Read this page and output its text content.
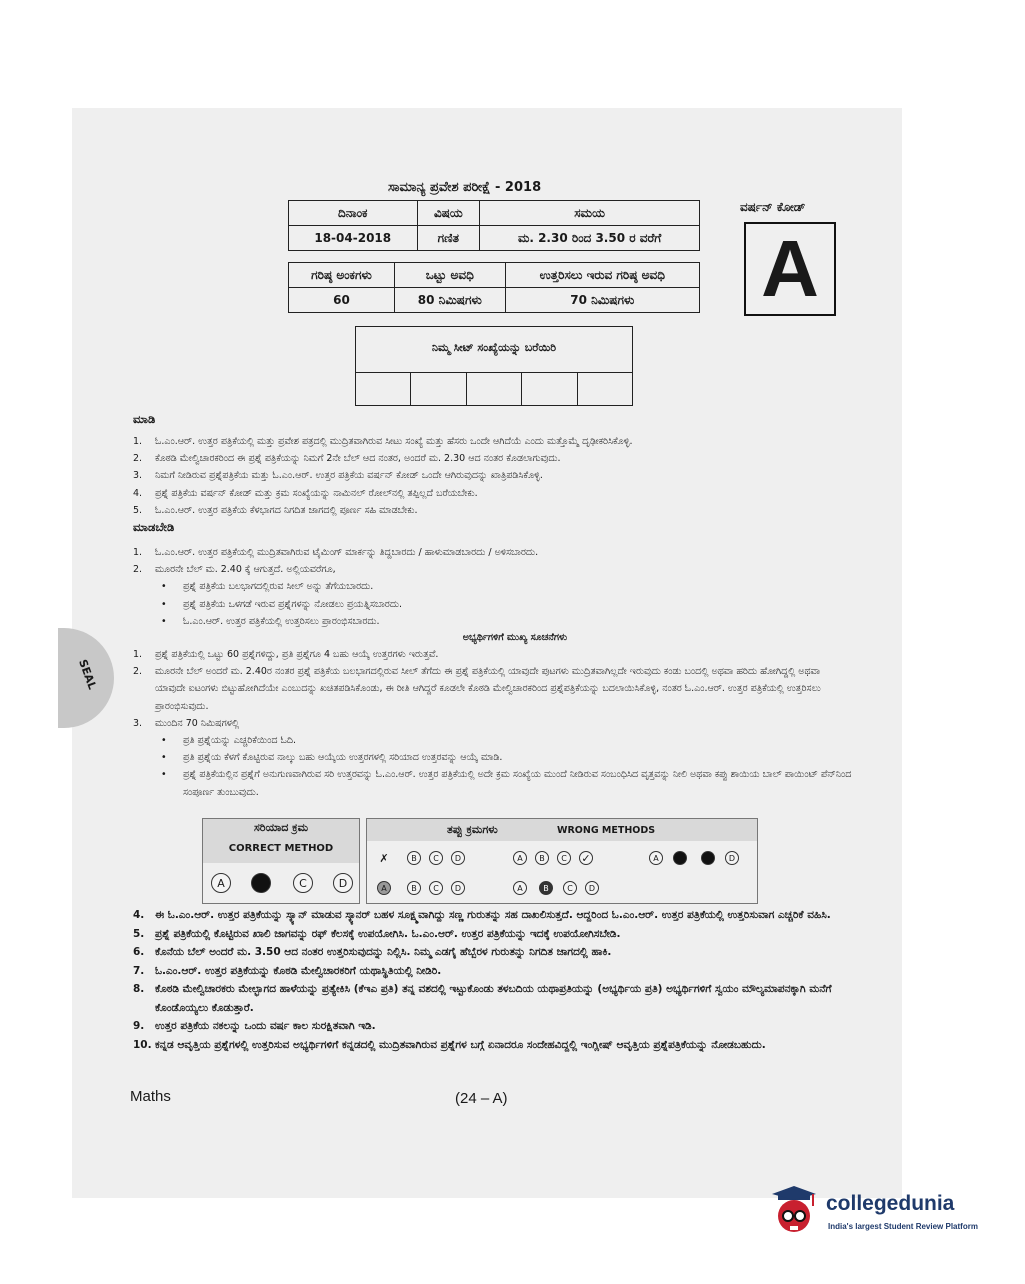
SEAL
ಸಾಮಾನ್ಯ ಪ್ರವೇಶ ಪರೀಕ್ಷೆ - 2018
ದಿನಾಂಕ	ವಿಷಯ	ಸಮಯ
18-04-2018	ಗಣಿತ	ಮ. 2.30 ರಿಂದ 3.50 ರ ವರೆಗೆ
ಗರಿಷ್ಠ ಅಂಕಗಳು	ಒಟ್ಟು ಅವಧಿ	ಉತ್ತರಿಸಲು ಇರುವ ಗರಿಷ್ಠ ಅವಧಿ
60	80 ನಿಮಿಷಗಳು	70 ನಿಮಿಷಗಳು
ವರ್ಷನ್ ಕೋಡ್
A
ನಿಮ್ಮ ಸೀಟ್ ಸಂಖ್ಯೆಯನ್ನು ಬರೆಯಿರಿ
ಮಾಡಿ
1. ಓ.ಎಂ.ಆರ್. ಉತ್ತರ ಪತ್ರಿಕೆಯಲ್ಲಿ ಮತ್ತು ಪ್ರವೇಶ ಪತ್ರದಲ್ಲಿ ಮುದ್ರಿತವಾಗಿರುವ ಸೀಟು ಸಂಖ್ಯೆ ಮತ್ತು ಹೆಸರು ಒಂದೇ ಆಗಿದೆಯೆ ಎಂದು ಮತ್ತೊಮ್ಮೆ ದೃಢೀಕರಿಸಿಕೊಳ್ಳಿ.
2. ಕೊಠಡಿ ಮೇಲ್ವಿಚಾರಕರಿಂದ ಈ ಪ್ರಶ್ನೆ ಪತ್ರಿಕೆಯನ್ನು ನಿಮಗೆ 2ನೇ ಬೆಲ್ ಆದ ನಂತರ, ಅಂದರೆ ಮ. 2.30 ಆದ ನಂತರ ಕೊಡಲಾಗುವುದು.
3. ನಿಮಗೆ ನೀಡಿರುವ ಪ್ರಶ್ನೆಪತ್ರಿಕೆಯ ಮತ್ತು ಓ.ಎಂ.ಆರ್. ಉತ್ತರ ಪತ್ರಿಕೆಯ ವರ್ಷನ್ ಕೋಡ್ ಒಂದೇ ಆಗಿರುವುದನ್ನು ಖಾತ್ರಿಪಡಿಸಿಕೊಳ್ಳಿ.
4. ಪ್ರಶ್ನೆ ಪತ್ರಿಕೆಯ ವರ್ಷನ್ ಕೋಡ್ ಮತ್ತು ಕ್ರಮ ಸಂಖ್ಯೆಯನ್ನು ನಾಮಿನಲ್ ರೋಲ್‌ನಲ್ಲಿ ತಪ್ಪಿಲ್ಲದೆ ಬರೆಯಬೇಕು.
5. ಓ.ಎಂ.ಆರ್. ಉತ್ತರ ಪತ್ರಿಕೆಯ ಕೆಳಭಾಗದ ನಿಗದಿತ ಜಾಗದಲ್ಲಿ ಪೂರ್ಣ ಸಹಿ ಮಾಡಬೇಕು.
ಮಾಡಬೇಡಿ
1. ಓ.ಎಂ.ಆರ್. ಉತ್ತರ ಪತ್ರಿಕೆಯಲ್ಲಿ ಮುದ್ರಿತವಾಗಿರುವ ಟೈಮಿಂಗ್ ಮಾರ್ಕನ್ನು ತಿದ್ದಬಾರದು / ಹಾಳುಮಾಡಬಾರದು / ಅಳಿಸಬಾರದು.
2. ಮೂರನೇ ಬೆಲ್ ಮ. 2.40 ಕ್ಕೆ ಆಗುತ್ತದೆ. ಅಲ್ಲಿಯವರೆಗೂ,
• ಪ್ರಶ್ನೆ ಪತ್ರಿಕೆಯ ಬಲಭಾಗದಲ್ಲಿರುವ ಸೀಲ್ ಅನ್ನು ತೆಗೆಯಬಾರದು.
• ಪ್ರಶ್ನೆ ಪತ್ರಿಕೆಯ ಒಳಗಡೆ ಇರುವ ಪ್ರಶ್ನೆಗಳನ್ನು ನೋಡಲು ಪ್ರಯತ್ನಿಸಬಾರದು.
• ಓ.ಎಂ.ಆರ್. ಉತ್ತರ ಪತ್ರಿಕೆಯಲ್ಲಿ ಉತ್ತರಿಸಲು ಪ್ರಾರಂಭಿಸಬಾರದು.
ಅಭ್ಯರ್ಥಿಗಳಿಗೆ ಮುಖ್ಯ ಸೂಚನೆಗಳು
1. ಪ್ರಶ್ನೆ ಪತ್ರಿಕೆಯಲ್ಲಿ ಒಟ್ಟು 60 ಪ್ರಶ್ನೆಗಳಿದ್ದು, ಪ್ರತಿ ಪ್ರಶ್ನೆಗೂ 4 ಬಹು ಆಯ್ಕೆ ಉತ್ತರಗಳು ಇರುತ್ತವೆ.
2. ಮೂರನೇ ಬೆಲ್ ಅಂದರೆ ಮ. 2.40ರ ನಂತರ ಪ್ರಶ್ನೆ ಪತ್ರಿಕೆಯ ಬಲಭಾಗದಲ್ಲಿರುವ ಸೀಲ್ ತೆಗೆದು ಈ ಪ್ರಶ್ನೆ ಪತ್ರಿಕೆಯಲ್ಲಿ ಯಾವುದೇ ಪುಟಗಳು ಮುದ್ರಿತವಾಗಿಲ್ಲದೇ ಇರುವುದು ಕಂಡು ಬಂದಲ್ಲಿ ಅಥವಾ ಹರಿದು ಹೋಗಿದ್ದಲ್ಲಿ ಅಥವಾ ಯಾವುದೇ ಐಟಂಗಳು ಬಿಟ್ಟುಹೋಗಿದೆಯೇ ಎಂಬುದನ್ನು ಖಚಿತಪಡಿಸಿಕೊಂಡು, ಈ ರೀತಿ ಆಗಿದ್ದರೆ ಕೂಡಲೇ ಕೊಠಡಿ ಮೇಲ್ವಿಚಾರಕರಿಂದ ಪ್ರಶ್ನೆಪತ್ರಿಕೆಯನ್ನು ಬದಲಾಯಿಸಿಕೊಳ್ಳಿ, ನಂತರ ಓ.ಎಂ.ಆರ್. ಉತ್ತರ ಪತ್ರಿಕೆಯಲ್ಲಿ ಉತ್ತರಿಸಲು ಪ್ರಾರಂಭಿಸುವುದು.
3. ಮುಂದಿನ 70 ನಿಮಿಷಗಳಲ್ಲಿ
• ಪ್ರತಿ ಪ್ರಶ್ನೆಯನ್ನು ಎಚ್ಚರಿಕೆಯಿಂದ ಓದಿ.
• ಪ್ರತಿ ಪ್ರಶ್ನೆಯ ಕೆಳಗೆ ಕೊಟ್ಟಿರುವ ನಾಲ್ಕು ಬಹು ಆಯ್ಕೆಯ ಉತ್ತರಗಳಲ್ಲಿ ಸರಿಯಾದ ಉತ್ತರವನ್ನು ಆಯ್ಕೆ ಮಾಡಿ.
• ಪ್ರಶ್ನೆ ಪತ್ರಿಕೆಯಲ್ಲಿನ ಪ್ರಶ್ನೆಗೆ ಅನುಗುಣವಾಗಿರುವ ಸರಿ ಉತ್ತರವನ್ನು ಓ.ಎಂ.ಆರ್. ಉತ್ತರ ಪತ್ರಿಕೆಯಲ್ಲಿ ಅದೇ ಕ್ರಮ ಸಂಖ್ಯೆಯ ಮುಂದೆ ನೀಡಿರುವ ಸಂಬಂಧಿಸಿದ ವೃತ್ತವನ್ನು ನೀಲಿ ಅಥವಾ ಕಪ್ಪು ಶಾಯಿಯ ಬಾಲ್ ಪಾಯಿಂಟ್ ಪೆನ್‌ನಿಂದ ಸಂಪೂರ್ಣ ತುಂಬುವುದು.
ಸರಿಯಾದ ಕ್ರಮ
CORRECT METHOD
A	C	D
ತಪ್ಪು ಕ್ರಮಗಳು	WRONG METHODS
✗	B	C	D	A	B	C	✓	A	D
A	B	C	D	A	B	C	D
4. ಈ ಓ.ಎಂ.ಆರ್. ಉತ್ತರ ಪತ್ರಿಕೆಯನ್ನು ಸ್ಕ್ಯಾನ್ ಮಾಡುವ ಸ್ಕ್ಯಾನರ್ ಬಹಳ ಸೂಕ್ಷ್ಮವಾಗಿದ್ದು ಸಣ್ಣ ಗುರುತನ್ನು ಸಹ ದಾಖಲಿಸುತ್ತದೆ. ಆದ್ದರಿಂದ ಓ.ಎಂ.ಆರ್. ಉತ್ತರ ಪತ್ರಿಕೆಯಲ್ಲಿ ಉತ್ತರಿಸುವಾಗ ಎಚ್ಚರಿಕೆ ವಹಿಸಿ.
5. ಪ್ರಶ್ನೆ ಪತ್ರಿಕೆಯಲ್ಲಿ ಕೊಟ್ಟಿರುವ ಖಾಲಿ ಜಾಗವನ್ನು ರಫ್ ಕೆಲಸಕ್ಕೆ ಉಪಯೋಗಿಸಿ. ಓ.ಎಂ.ಆರ್. ಉತ್ತರ ಪತ್ರಿಕೆಯನ್ನು ಇದಕ್ಕೆ ಉಪಯೋಗಿಸಬೇಡಿ.
6. ಕೊನೆಯ ಬೆಲ್ ಅಂದರೆ ಮ. 3.50 ಆದ ನಂತರ ಉತ್ತರಿಸುವುದನ್ನು ನಿಲ್ಲಿಸಿ. ನಿಮ್ಮ ಎಡಗೈ ಹೆಬ್ಬೆರಳ ಗುರುತನ್ನು ನಿಗದಿತ ಜಾಗದಲ್ಲಿ ಹಾಕಿ.
7. ಓ.ಎಂ.ಆರ್. ಉತ್ತರ ಪತ್ರಿಕೆಯನ್ನು ಕೊಠಡಿ ಮೇಲ್ವಿಚಾರಕರಿಗೆ ಯಥಾಸ್ಥಿತಿಯಲ್ಲಿ ನೀಡಿರಿ.
8. ಕೊಠಡಿ ಮೇಲ್ವಿಚಾರಕರು ಮೇಲ್ಭಾಗದ ಹಾಳೆಯನ್ನು ಪ್ರತ್ಯೇಕಿಸಿ (ಕೆಇಎ ಪ್ರತಿ) ತನ್ನ ವಶದಲ್ಲಿ ಇಟ್ಟುಕೊಂಡು ತಳಬದಿಯ ಯಥಾಪ್ರತಿಯನ್ನು (ಅಭ್ಯರ್ಥಿಯ ಪ್ರತಿ) ಅಭ್ಯರ್ಥಿಗಳಿಗೆ ಸ್ವಯಂ ಮೌಲ್ಯಮಾಪನಕ್ಕಾಗಿ ಮನೆಗೆ ಕೊಂಡೊಯ್ಯಲು ಕೊಡುತ್ತಾರೆ.
9. ಉತ್ತರ ಪತ್ರಿಕೆಯ ನಕಲನ್ನು ಒಂದು ವರ್ಷ ಕಾಲ ಸುರಕ್ಷಿತವಾಗಿ ಇಡಿ.
10. ಕನ್ನಡ ಆವೃತ್ತಿಯ ಪ್ರಶ್ನೆಗಳಲ್ಲಿ ಉತ್ತರಿಸುವ ಅಭ್ಯರ್ಥಿಗಳಿಗೆ ಕನ್ನಡದಲ್ಲಿ ಮುದ್ರಿತವಾಗಿರುವ ಪ್ರಶ್ನೆಗಳ ಬಗ್ಗೆ ಏನಾದರೂ ಸಂದೇಹವಿದ್ದಲ್ಲಿ ಇಂಗ್ಲೀಷ್ ಆವೃತ್ತಿಯ ಪ್ರಶ್ನೆಪತ್ರಿಕೆಯನ್ನು ನೋಡಬಹುದು.
Maths	(24 – A)
collegedunia
India's largest Student Review Platform
